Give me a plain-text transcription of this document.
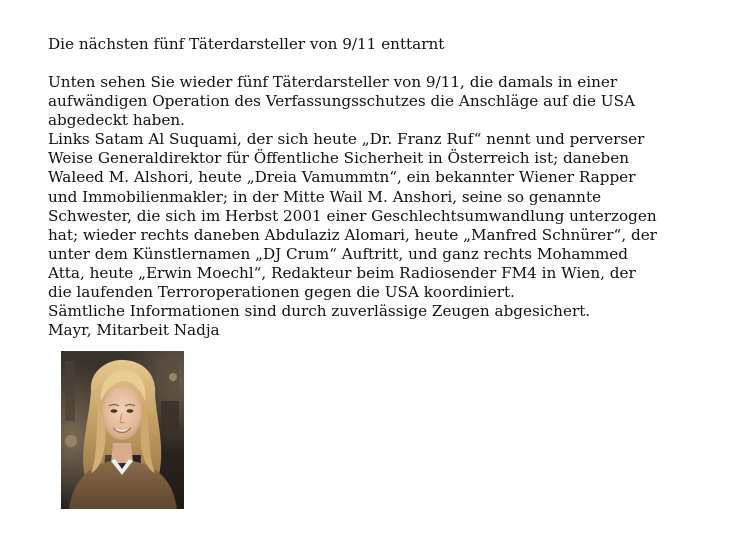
Die nächsten fünf Täterdarsteller von 9/11 enttarnt
Unten sehen Sie wieder fünf Täterdarsteller von 9/11, die damals in einer
aufwändigen Operation des Verfassungsschutzes die Anschläge auf die USA
abgedeckt haben.
Links Satam Al Suquami, der sich heute „Dr. Franz Ruf“ nennt und perverser
Weise Generaldirektor für Öffentliche Sicherheit in Österreich ist; daneben
Waleed M. Alshori, heute „Dreia Vamummtn“, ein bekannter Wiener Rapper
und Immobilienmakler; in der Mitte Wail M. Anshori, seine so genannte
Schwester, die sich im Herbst 2001 einer Geschlechtsumwandlung unterzogen
hat; wieder rechts daneben Abdulaziz Alomari, heute „Manfred Schnürer“, der
unter dem Künstlernamen „DJ Crum“ Auftritt, und ganz rechts Mohammed
Atta, heute „Erwin Moechl“, Redakteur beim Radiosender FM4 in Wien, der
die laufenden Terroroperationen gegen die USA koordiniert.
Sämtliche Informationen sind durch zuverlässige Zeugen abgesichert.
Mayr, Mitarbeit Nadja
